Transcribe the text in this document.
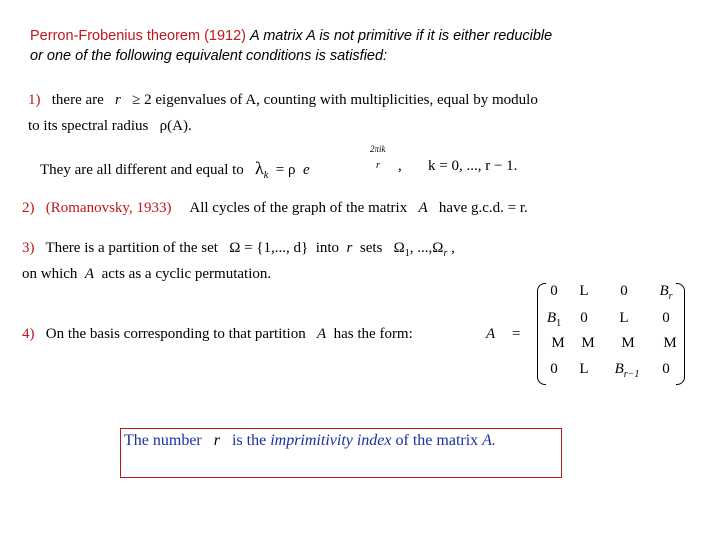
Perron-Frobenius theorem (1912) A matrix A is not primitive if it is either reducible
or one of the following equivalent conditions is satisfied:
1) there are r ≥ 2 eigenvalues of A, counting with multiplicities, equal by modulo
to its spectral radius ρ(A).
They are all different and equal to $\lambda_k = \rho$ e
2πik
r , k = 0, ..., r − 1.
2) (Romanovsky, 1933) All cycles of the graph of the matrix A have g.c.d. = r.
3) There is a partition of the set Ω = {1,..., d} into r sets $\Omega_1$, $...,\Omega_r$ ,
on which A acts as a cyclic permutation.
4) On the basis corresponding to that partition A has the form:	A =
0	L	0	$B_r$
$B_1$	0	L	0
M	M	M	M
0	L	$B_{r-1}$	0
The number r is the imprimitivity index of the matrix A.
